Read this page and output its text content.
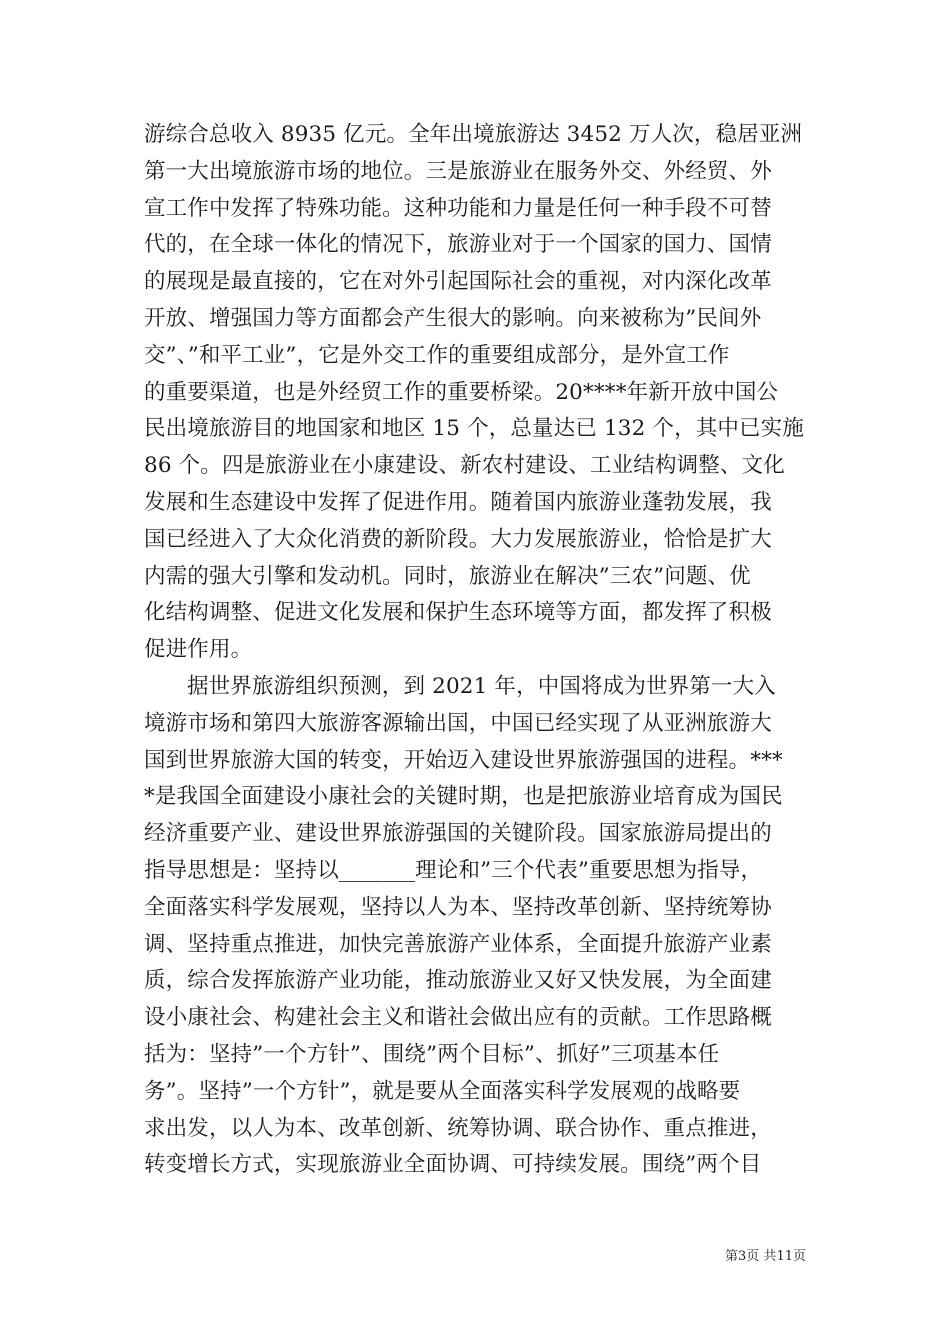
游综合总收入 8935 亿元。全年出境旅游达 3452 万人次，稳居亚洲
第一大出境旅游市场的地位。三是旅游业在服务外交、外经贸、外
宣工作中发挥了特殊功能。这种功能和力量是任何一种手段不可替
代的，在全球一体化的情况下，旅游业对于一个国家的国力、国情
的展现是最直接的，它在对外引起国际社会的重视，对内深化改革
开放、增强国力等方面都会产生很大的影响。向来被称为”民间外
交”、”和平工业”，它是外交工作的重要组成部分，是外宣工作
的重要渠道，也是外经贸工作的重要桥梁。20****年新开放中国公
民出境旅游目的地国家和地区 15 个，总量达已 132 个，其中已实施
86 个。四是旅游业在小康建设、新农村建设、工业结构调整、文化
发展和生态建设中发挥了促进作用。随着国内旅游业蓬勃发展，我
国已经进入了大众化消费的新阶段。大力发展旅游业，恰恰是扩大
内需的强大引擎和发动机。同时，旅游业在解决”三农”问题、优
化结构调整、促进文化发展和保护生态环境等方面，都发挥了积极
促进作用。
据世界旅游组织预测，到 2021 年，中国将成为世界第一大入
境游市场和第四大旅游客源输出国，中国已经实现了从亚洲旅游大
国到世界旅游大国的转变，开始迈入建设世界旅游强国的进程。***
*是我国全面建设小康社会的关键时期，也是把旅游业培育成为国民
经济重要产业、建设世界旅游强国的关键阶段。国家旅游局提出的
指导思想是：坚持以_______理论和”三个代表”重要思想为指导，
全面落实科学发展观，坚持以人为本、坚持改革创新、坚持统筹协
调、坚持重点推进，加快完善旅游产业体系，全面提升旅游产业素
质，综合发挥旅游产业功能，推动旅游业又好又快发展，为全面建
设小康社会、构建社会主义和谐社会做出应有的贡献。工作思路概
括为：坚持”一个方针”、围绕”两个目标”、抓好”三项基本任
务”。坚持”一个方针”，就是要从全面落实科学发展观的战略要
求出发，以人为本、改革创新、统筹协调、联合协作、重点推进，
转变增长方式，实现旅游业全面协调、可持续发展。围绕”两个目
第3页 共11页
